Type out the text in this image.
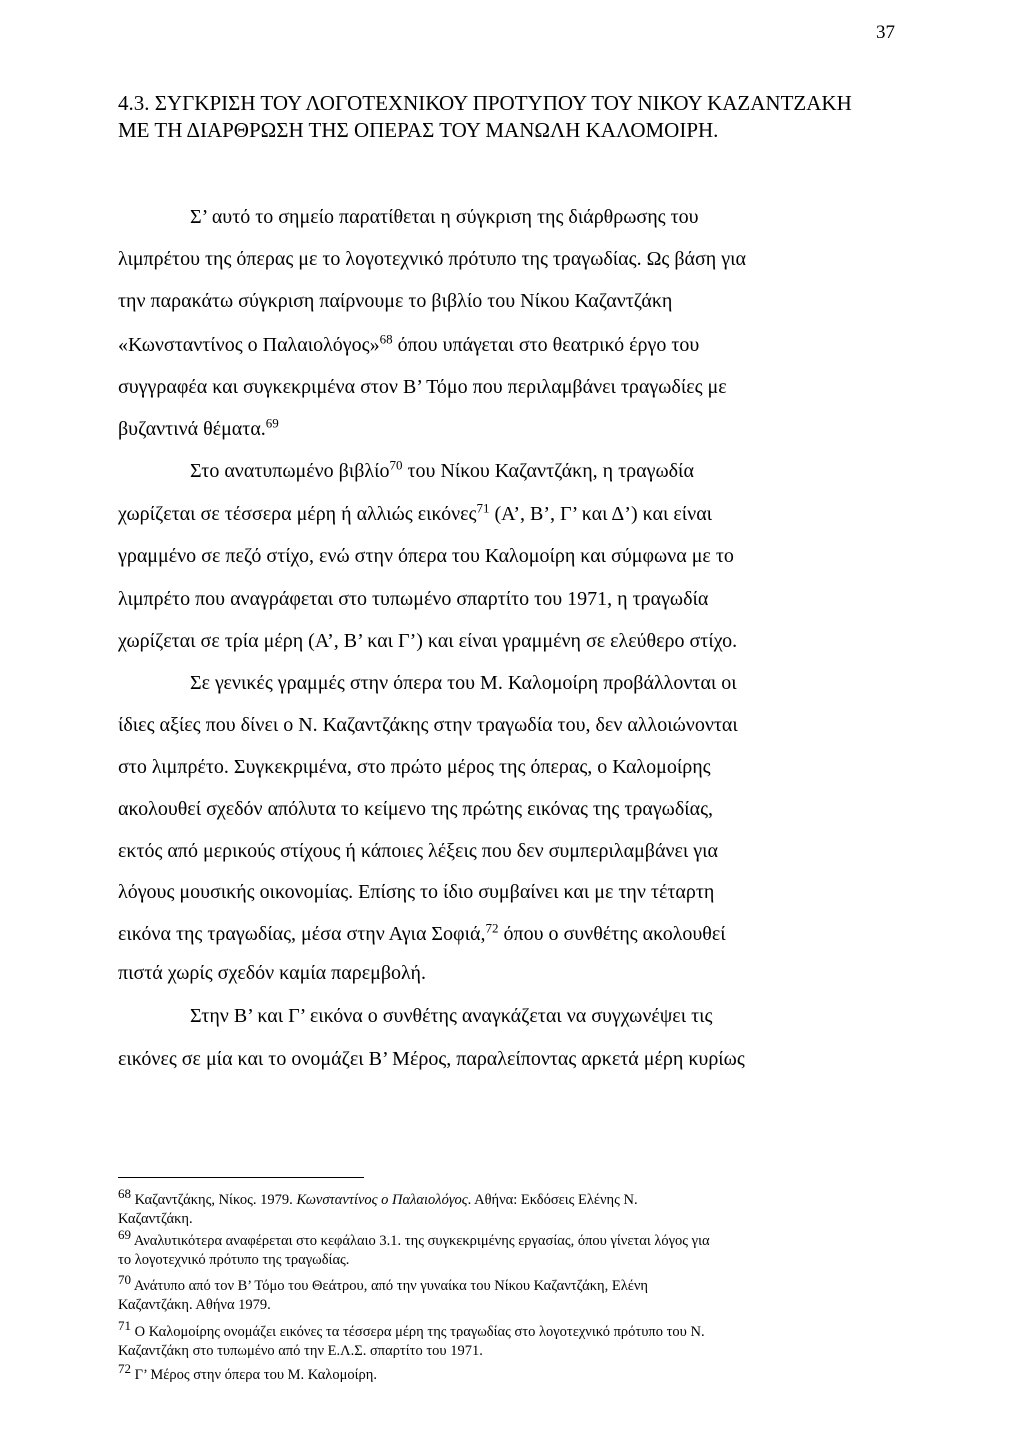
37
4.3. ΣΥΓΚΡΙΣΗ ΤΟΥ ΛΟΓΟΤΕΧΝΙΚΟΥ ΠΡΟΤΥΠΟΥ ΤΟΥ ΝΙΚΟΥ ΚΑΖΑΝΤΖΑΚΗ ΜΕ ΤΗ ΔΙΑΡΘΡΩΣΗ ΤΗΣ ΟΠΕΡΑΣ ΤΟΥ ΜΑΝΩΛΗ ΚΑΛΟΜΟΙΡΗ.
Σ’ αυτό το σημείο παρατίθεται η σύγκριση της διάρθρωσης του
λιμπρέτου της όπερας με το λογοτεχνικό πρότυπο της τραγωδίας. Ως βάση για
την παρακάτω σύγκριση παίρνουμε το βιβλίο του Νίκου Καζαντζάκη
«Κωνσταντίνος ο Παλαιολόγος»$^{68}$ όπου υπάγεται στο θεατρικό έργο του
συγγραφέα και συγκεκριμένα στον Β’ Τόμο που περιλαμβάνει τραγωδίες με
βυζαντινά θέματα.$^{69}$
Στο ανατυπωμένο βιβλίο$^{70}$ του Νίκου Καζαντζάκη, η τραγωδία
χωρίζεται σε τέσσερα μέρη ή αλλιώς εικόνες$^{71}$ (Α’, Β’, Γ’ και Δ’) και είναι
γραμμένο σε πεζό στίχο, ενώ στην όπερα του Καλομοίρη και σύμφωνα με το
λιμπρέτο που αναγράφεται στο τυπωμένο σπαρτίτο του 1971, η τραγωδία
χωρίζεται σε τρία μέρη (Α’, Β’ και Γ’) και είναι γραμμένη σε ελεύθερο στίχο.
Σε γενικές γραμμές στην όπερα του Μ. Καλομοίρη προβάλλονται οι
ίδιες αξίες που δίνει ο Ν. Καζαντζάκης στην τραγωδία του, δεν αλλοιώνονται
στο λιμπρέτο. Συγκεκριμένα, στο πρώτο μέρος της όπερας, ο Καλομοίρης
ακολουθεί σχεδόν απόλυτα το κείμενο της πρώτης εικόνας της τραγωδίας,
εκτός από μερικούς στίχους ή κάποιες λέξεις που δεν συμπεριλαμβάνει για
λόγους μουσικής οικονομίας. Επίσης το ίδιο συμβαίνει και με την τέταρτη
εικόνα της τραγωδίας, μέσα στην Αγια Σοφιά,$^{72}$ όπου ο συνθέτης ακολουθεί
πιστά χωρίς σχεδόν καμία παρεμβολή.
Στην Β’ και Γ’ εικόνα ο συνθέτης αναγκάζεται να συγχωνέψει τις
εικόνες σε μία και το ονομάζει Β’ Μέρος, παραλείποντας αρκετά μέρη κυρίως
$^{68}$ Καζαντζάκης, Νίκος. 1979. Κωνσταντίνος ο Παλαιολόγος. Αθήνα: Εκδόσεις Ελένης Ν.
Καζαντζάκη.
$^{69}$ Αναλυτικότερα αναφέρεται στο κεφάλαιο 3.1. της συγκεκριμένης εργασίας, όπου γίνεται λόγος για
το λογοτεχνικό πρότυπο της τραγωδίας.
$^{70}$ Ανάτυπο από τον Β’ Τόμο του Θεάτρου, από την γυναίκα του Νίκου Καζαντζάκη, Ελένη
Καζαντζάκη. Αθήνα 1979.
$^{71}$ Ο Καλομοίρης ονομάζει εικόνες τα τέσσερα μέρη της τραγωδίας στο λογοτεχνικό πρότυπο του Ν.
Καζαντζάκη στο τυπωμένο από την Ε.Λ.Σ. σπαρτίτο του 1971.
$^{72}$ Γ’ Μέρος στην όπερα του Μ. Καλομοίρη.
